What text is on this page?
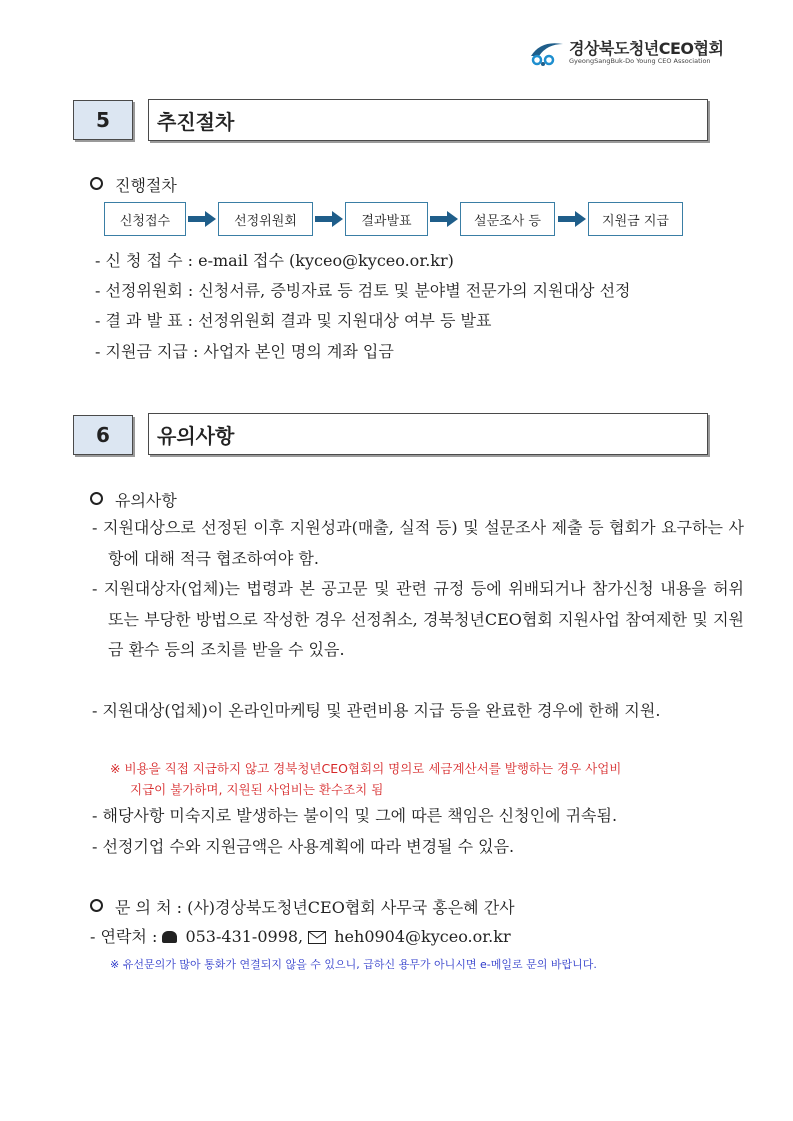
경상북도청년CEO협회
GyeongSangBuk-Do Young CEO Association
5	추진절차
진행절차
신청접수	선정위원회	결과발표	설문조사 등	지원금 지급
- 신 청 접 수 : e-mail 접수 (kyceo@kyceo.or.kr)
- 선정위원회 : 신청서류, 증빙자료 등 검토 및 분야별 전문가의 지원대상 선정
- 결 과 발 표 : 선정위원회 결과 및 지원대상 여부 등 발표
- 지원금 지급 : 사업자 본인 명의 계좌 입금
6	유의사항
유의사항
- 지원대상으로 선정된 이후 지원성과(매출, 실적 등) 및 설문조사 제출 등 협회가 요구하는 사항에 대해 적극 협조하여야 함.
- 지원대상자(업체)는 법령과 본 공고문 및 관련 규정 등에 위배되거나 참가신청 내용을 허위 또는 부당한 방법으로 작성한 경우 선정취소, 경북청년CEO협회 지원사업 참여제한 및 지원금 환수 등의 조치를 받을 수 있음.
- 지원대상(업체)이 온라인마케팅 및 관련비용 지급 등을 완료한 경우에 한해 지원.
※ 비용을 직접 지급하지 않고 경북청년CEO협회의 명의로 세금계산서를 발행하는 경우 사업비
지급이 불가하며, 지원된 사업비는 환수조치 됨
- 해당사항 미숙지로 발생하는 불이익 및 그에 따른 책임은 신청인에 귀속됨.
- 선정기업 수와 지원금액은 사용계획에 따라 변경될 수 있음.
문 의 처 : (사)경상북도청년CEO협회 사무국 홍은혜 간사
- 연락처 : 053-431-0998, heh0904@kyceo.or.kr
※ 유선문의가 많아 통화가 연결되지 않을 수 있으니, 급하신 용무가 아니시면 e-메일로 문의 바랍니다.
